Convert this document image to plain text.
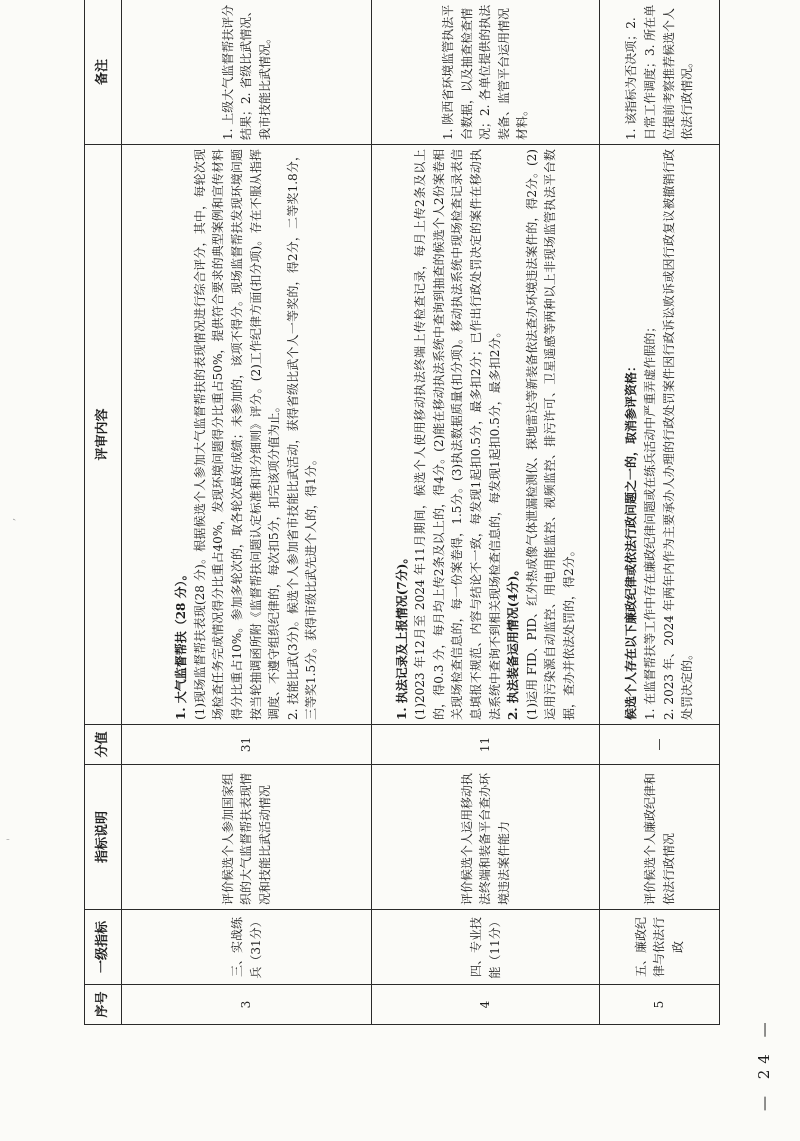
'
,
序号	一级指标	指标说明	分值	评审内容	备注
3	三、实战练兵（31分）	评价候选个人参加国家组织的大气监督帮扶表现情况和技能比武活动情况	31	1. 大气监督帮扶（28 分）。 (1)现场监督帮扶表现(28 分)。根据候选个人参加大气监督帮扶的表现情况进行综合评分，其中，每轮次现场检查任务完成情况得分比重占40%，发现环境问题得分比重占50%，提供符合要求的典型案例和宣传材料得分比重占10%。参加多轮次的，取各轮次最好成绩；未参加的，该项不得分。现场监督帮扶发现环境问题按当轮抽调函所附《监督帮扶问题认定标准和评分细则》评分。(2)工作纪律方面(扣分项)。存在不服从指挥调度、不遵守组织纪律的，每次扣5分，扣完该项分值为止。 2. 技能比武(3分)。候选个人参加省市技能比武活动，获得省级比武个人一等奖的，得2分，二等奖1.8分，三等奖1.5分。获得市级比武先进个人的，得1分。	1. 上级大气监督帮扶评分结果；2. 省级比武情况、我市技能比武情况。
4	四、专业技能（11分）	评价候选个人运用移动执法终端和装备平台查办环境违法案件能力	11	1. 执法记录及上报情况(7分)。 (1)2023 年12月至 2024 年11月期间，候选个人使用移动执法终端上传检查记录，每月上传2条及以上的，得0.3 分，每月均上传2条及以上的，得4分。(2)能在移动执法系统中查询到抽查的候选个人2份案卷相关现场检查信息的，每一份案卷得，1.5分。(3)执法数据质量(扣分项)。移动执法系统中现场检查记录表信息填报不规范、内容与结论不一致，每发现1起扣0.5分，最多扣2分；已作出行政处罚决定的案件在移动执法系统中查询不到相关现场检查信息的，每发现1起扣0.5分，最多扣2分。 2. 执法装备运用情况(4分)。 (1)运用 FID、PID、红外热成像气体泄漏检测仪、探地雷达等新装备依法查办环境违法案件的，得2分。(2)运用污染源自动监控、用电用能监控、视频监控、排污许可、卫星遥感等两种以上非现场监管执法平台数据，查办并依法处罚的，得2分。	1. 陕西省环境监管执法平台数据，以及抽查检查情况；2. 各单位提供的执法装备、监管平台运用情况材料。
5	五、廉政纪律与依法行政	评价候选个人廉政纪律和依法行政情况	—	候选个人存在以下廉政纪律或依法行政问题之一的，取消参评资格： 1. 在监督帮扶等工作中存在廉政纪律问题或在练兵活动中严重弄虚作假的； 2. 2023 年、2024 年两年内作为主要承办人办理的行政处罚案件因行政诉讼败诉或因行政复议被撤销行政处罚决定的。	1. 该指标为否决项；2. 日常工作调度；3. 所在单位提前考察推荐候选个人依法行政情况。
— 24 —
